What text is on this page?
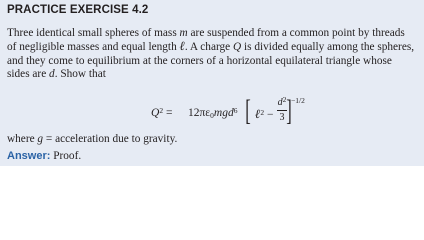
PRACTICE EXERCISE 4.2
Three identical small spheres of mass m are suspended from a common point by threads
of negligible masses and equal length ℓ. A charge Q is divided equally among the spheres,
and they come to equilibrium at the corners of a horizontal equilateral triangle whose
sides are d. Show that
$Q^2 = 12\pi\varepsilon_0mgd^6$ [ ℓ$^2$ −
$d^2$
3 ] −1/2
where g = acceleration due to gravity.
Answer: Proof.
